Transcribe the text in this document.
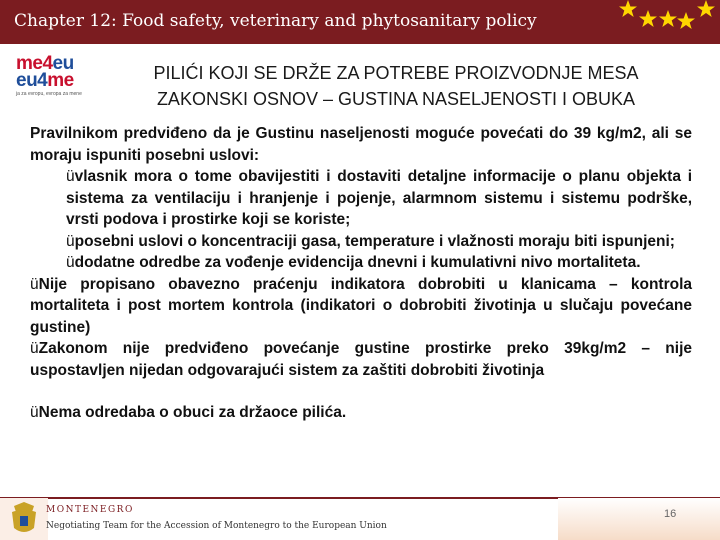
Chapter 12: Food safety, veterinary and phytosanitary policy
me4eu
eu4me
ja za evropu, evropa za mene
PILIĆI KOJI SE DRŽE ZA POTREBE PROIZVODNJE MESA
ZAKONSKI OSNOV – GUSTINA NASELJENOSTI I OBUKA

Pravilnikom predviđeno da je Gustinu naseljenosti moguće povećati do 39 kg/m2, ali se moraju ispuniti posebni uslovi:

üvlasnik mora o tome obavijestiti i dostaviti detaljne informacije o planu objekta i sistema za ventilaciju i hranjenje i pojenje, alarmnom sistemu i sistemu podrške, vrsti podova i prostirke koji se koriste;

üposebni uslovi o koncentraciji gasa, temperature i vlažnosti moraju biti ispunjeni;

üdodatne odredbe za vođenje evidencija dnevni i kumulativni nivo mortaliteta.

üNije propisano obavezno praćenju indikatora dobrobiti u klanicama – kontrola mortaliteta i post mortem kontrola (indikatori o dobrobiti životinja u slučaju povećane gustine)

üZakonom nije predviđeno povećanje gustine prostirke preko 39kg/m2 – nije uspostavljen nijedan odgovarajući sistem za zaštiti dobrobiti životinja

üNema odredaba o obuci za držaoce pilića.

MONTENEGRO
Negotiating Team for the Accession of Montenegro to the European Union
16
